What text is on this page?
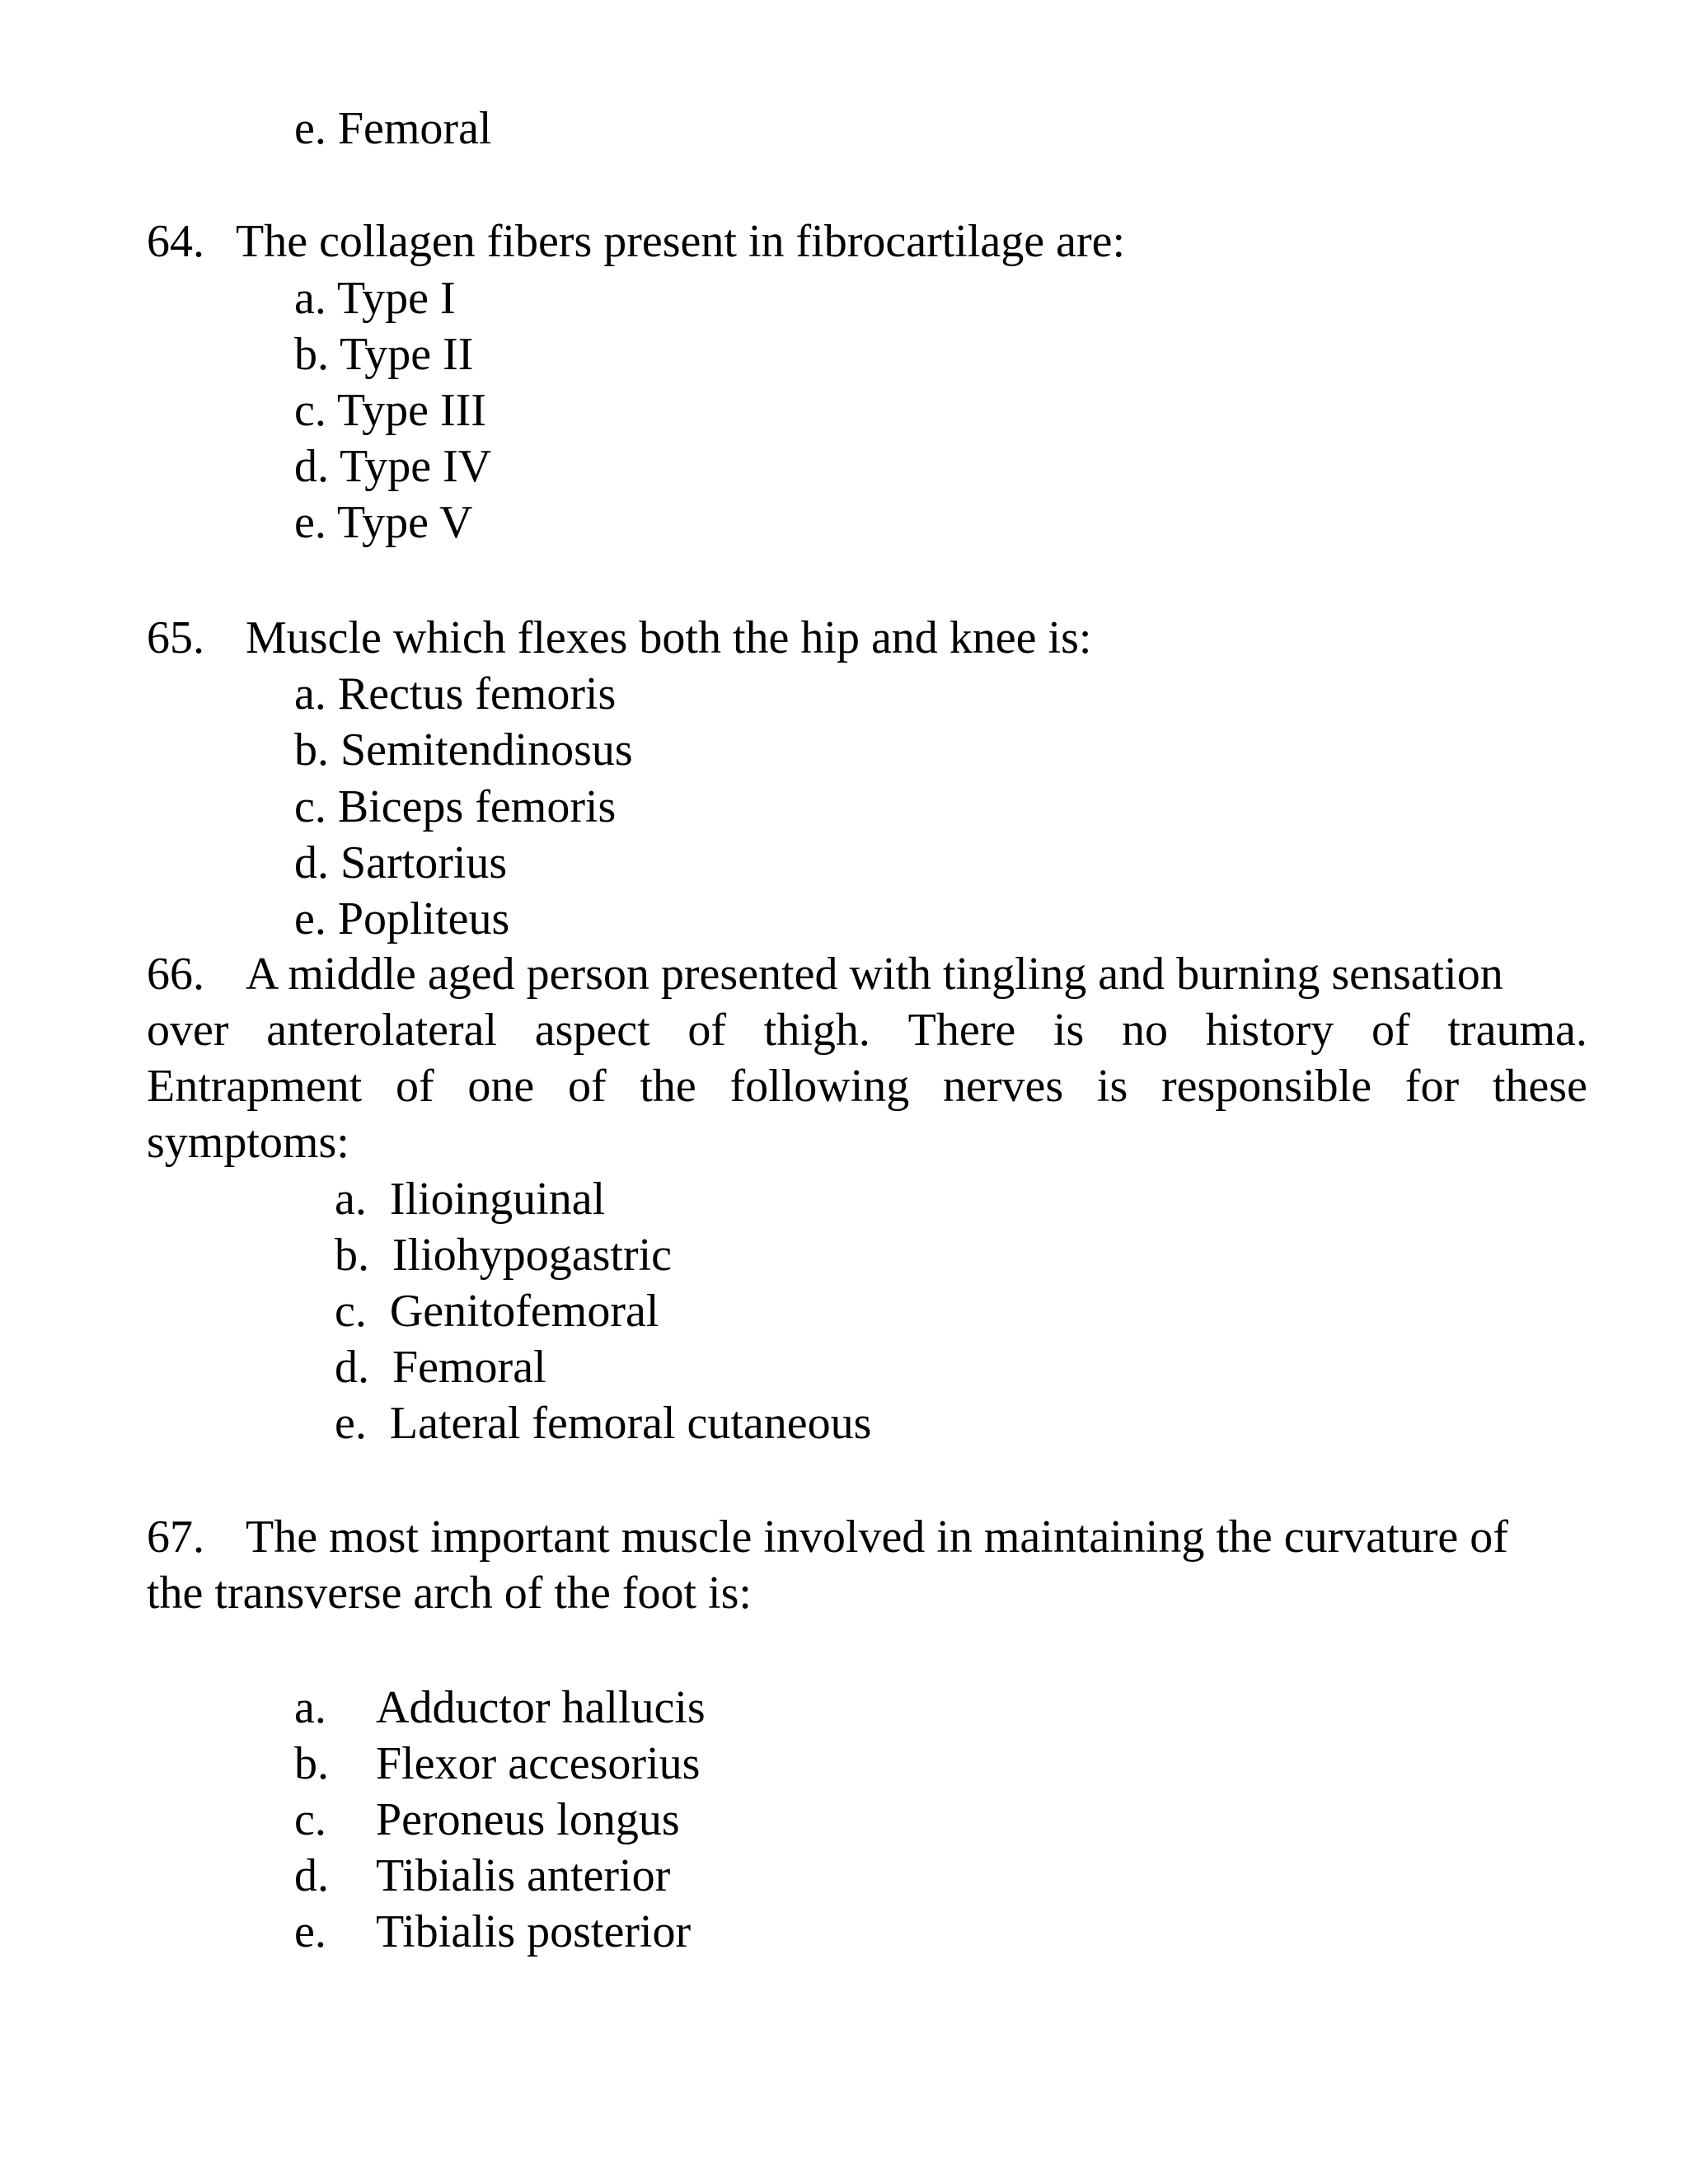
e. Femoral
64. The collagen fibers present in fibrocartilage are:
a. Type I
b. Type II
c. Type III
d. Type IV
e. Type V
65. Muscle which flexes both the hip and knee is:
a. Rectus femoris
b. Semitendinosus
c. Biceps femoris
d. Sartorius
e. Popliteus
66. A middle aged person presented with tingling and burning sensation
over anterolateral aspect of thigh. There is no history of trauma.
Entrapment of one of the following nerves is responsible for these
symptoms:
a.  Ilioinguinal
b.  Iliohypogastric
c.  Genitofemoral
d.  Femoral
e.  Lateral femoral cutaneous
67. The most important muscle involved in maintaining the curvature of
the transverse arch of the foot is:
a. Adductor hallucis
b. Flexor accesorius
c. Peroneus longus
d. Tibialis anterior
e. Tibialis posterior
